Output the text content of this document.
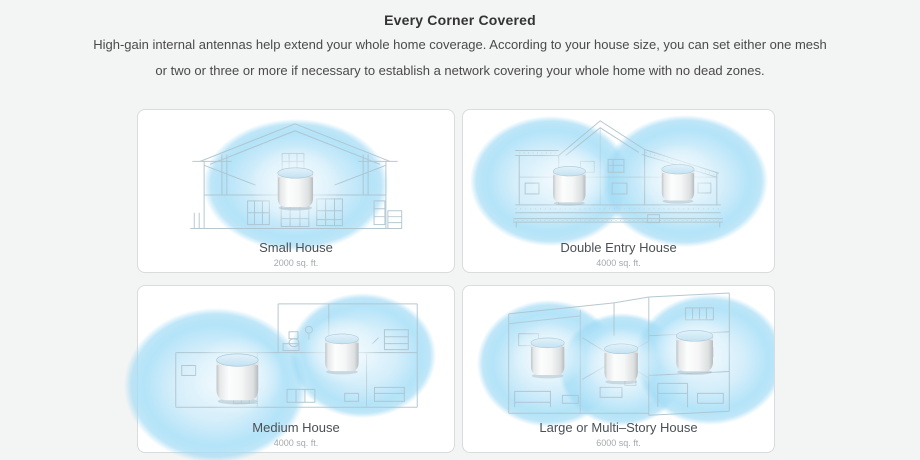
Every Corner Covered
High-gain internal antennas help extend your whole home coverage. According to your house size, you can set either one mesh
or two or three or more if necessary to establish a network covering your whole home with no dead zones.
Small House
2000 sq. ft.
Double Entry House
4000 sq. ft.
Medium House
4000 sq. ft.
Large or Multi–Story House
6000 sq. ft.
